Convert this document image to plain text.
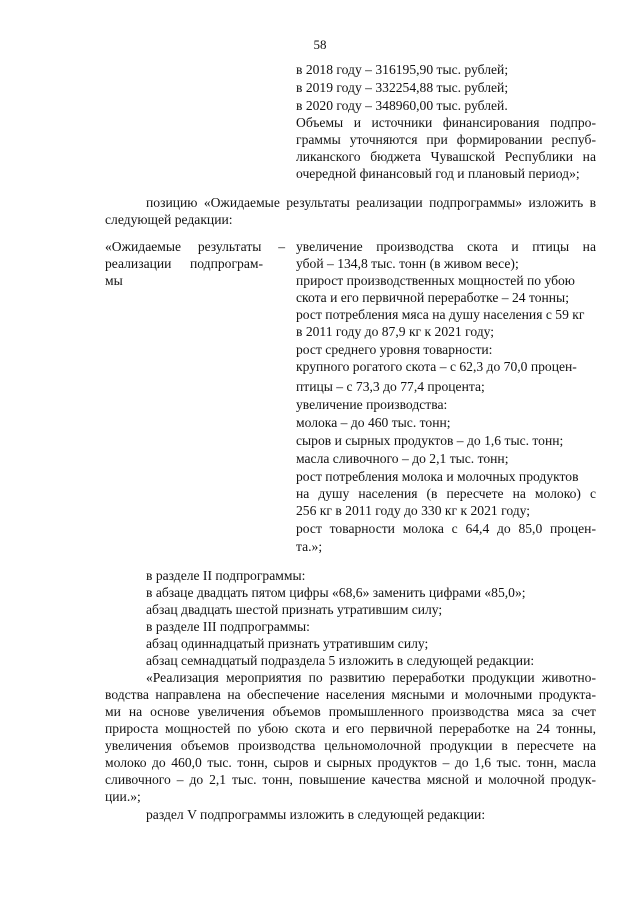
58
в 2018 году – 316195,90 тыс. рублей;
в 2019 году – 332254,88 тыс. рублей;
в 2020 году – 348960,00 тыс. рублей.
Объемы и источники финансирования подпро-
граммы уточняются при формировании респуб-
ликанского бюджета Чувашской Республики на
очередной финансовый год и плановый период»;
позицию «Ожидаемые результаты реализации подпрограммы» изложить в
следующей редакции:
«Ожидаемые результаты –
реализации подпрограм-
мы
увеличение производства скота и птицы на
убой – 134,8 тыс. тонн (в живом весе);
прирост производственных мощностей по убою
скота и его первичной переработке – 24 тонны;
рост потребления мяса на душу населения с 59 кг
в 2011 году до 87,9 кг к 2021 году;
рост среднего уровня товарности:
крупного рогатого скота – с 62,3 до 70,0 процен-
птицы – с 73,3 до 77,4 процента;
увеличение производства:
молока – до 460 тыс. тонн;
сыров и сырных продуктов – до 1,6 тыс. тонн;
масла сливочного – до 2,1 тыс. тонн;
рост потребления молока и молочных продуктов
на душу населения (в пересчете на молоко) с
256 кг в 2011 году до 330 кг к 2021 году;
рост товарности молока с 64,4 до 85,0 процен-
та.»;
в разделе II подпрограммы:
в абзаце двадцать пятом цифры «68,6» заменить цифрами «85,0»;
абзац двадцать шестой признать утратившим силу;
в разделе III подпрограммы:
абзац одиннадцатый признать утратившим силу;
абзац семнадцатый подраздела 5 изложить в следующей редакции:
«Реализация мероприятия по развитию переработки продукции животно-
водства направлена на обеспечение населения мясными и молочными продукта-
ми на основе увеличения объемов промышленного производства мяса за счет
прироста мощностей по убою скота и его первичной переработке на 24 тонны,
увеличения объемов производства цельномолочной продукции в пересчете на
молоко до 460,0 тыс. тонн, сыров и сырных продуктов – до 1,6 тыс. тонн, масла
сливочного – до 2,1 тыс. тонн, повышение качества мясной и молочной продук-
ции.»;
раздел V подпрограммы изложить в следующей редакции:
